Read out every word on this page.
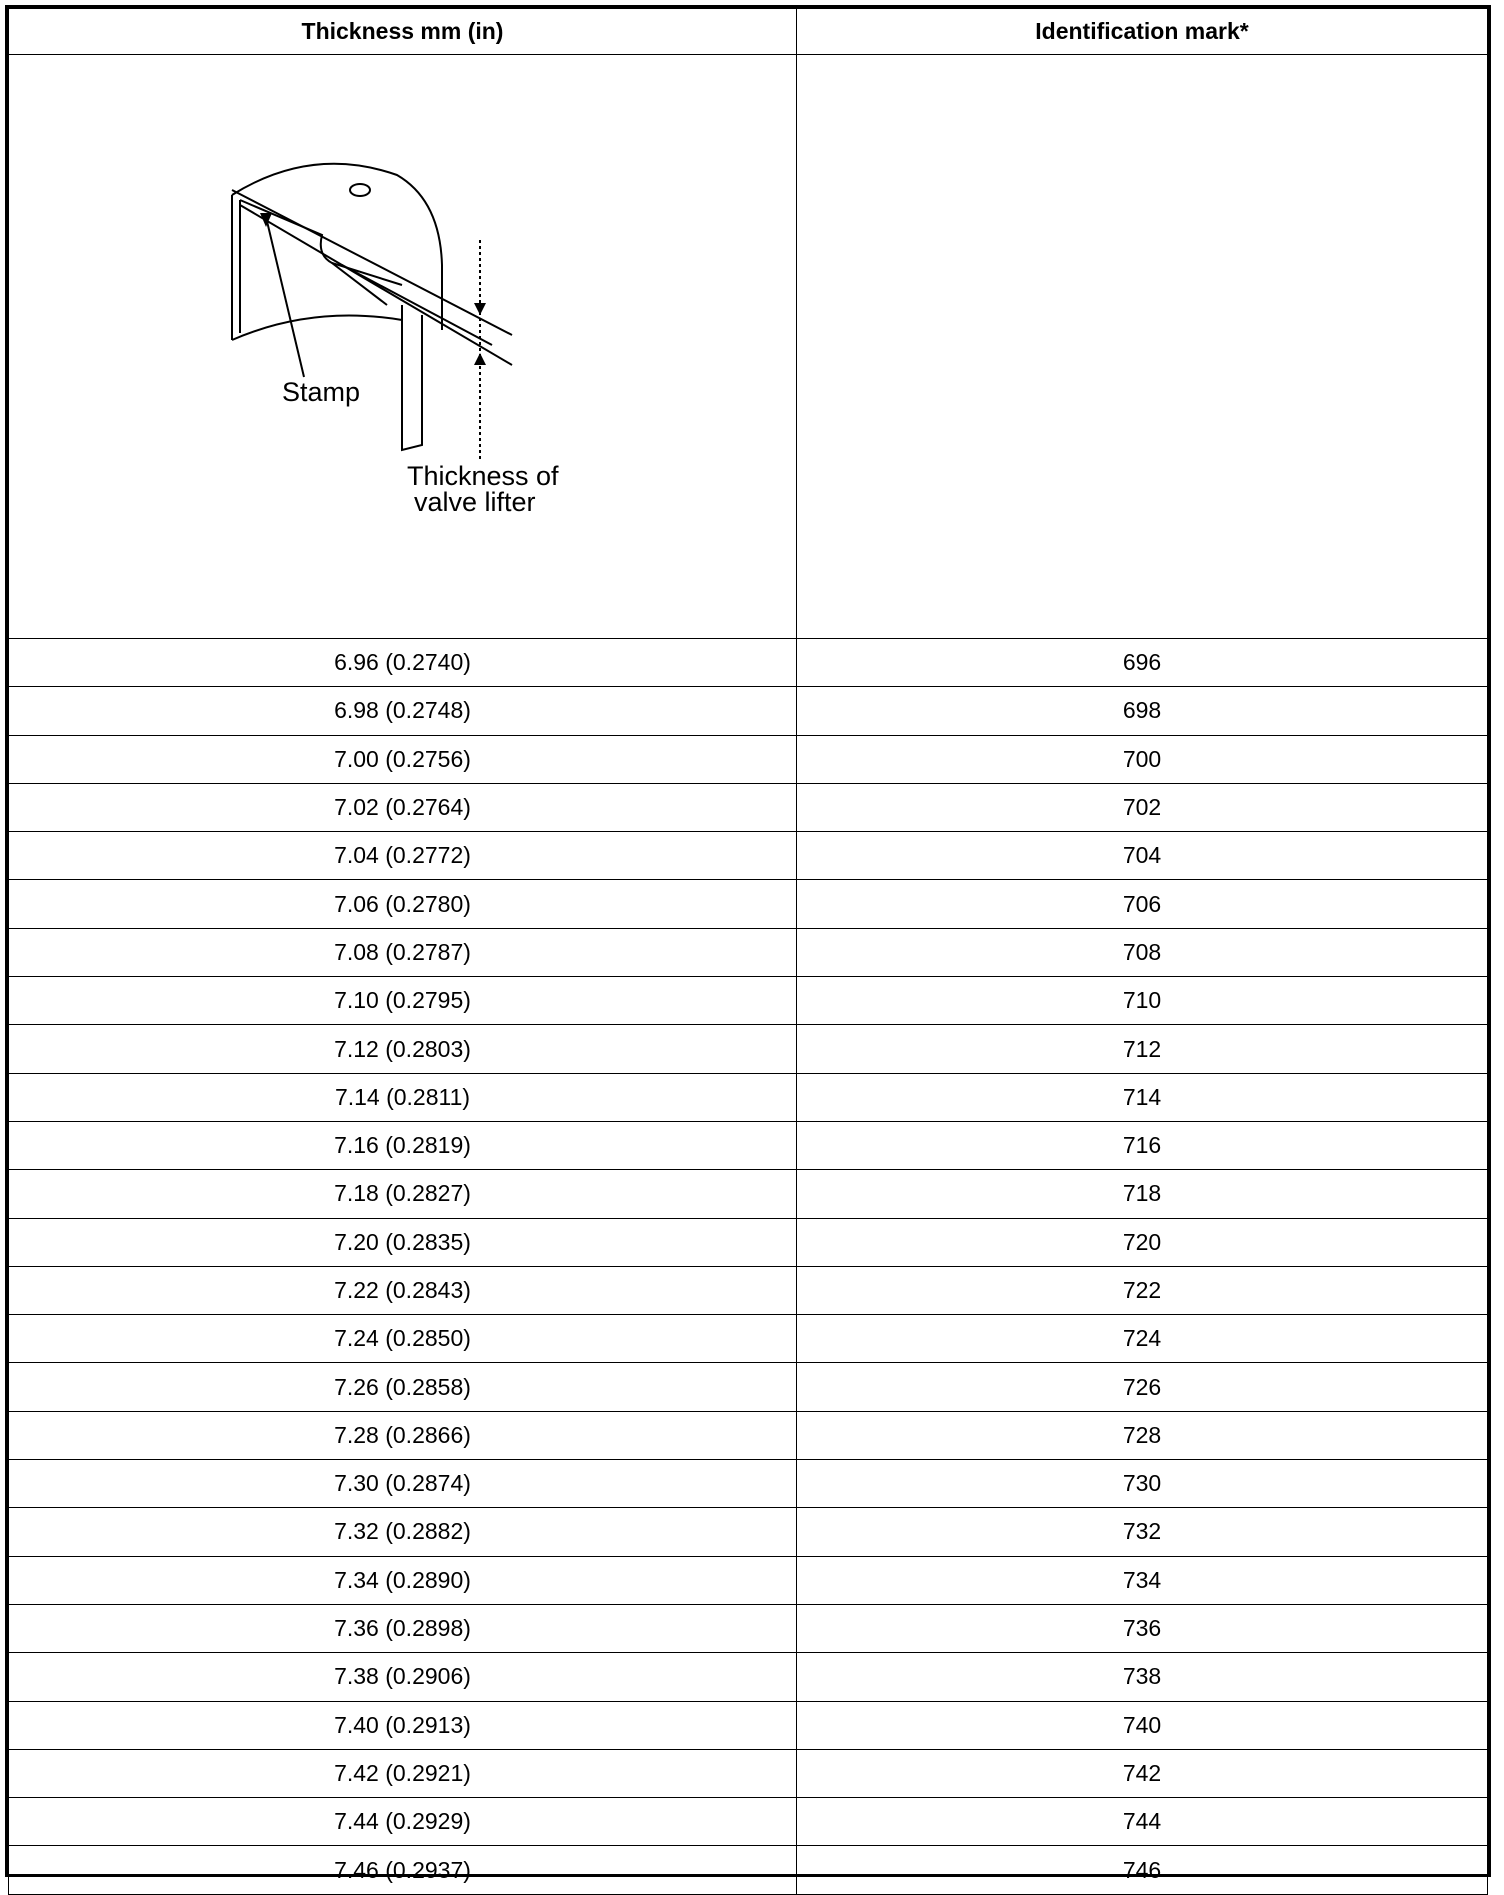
Thickness mm (in)	Identification mark*

6.96 (0.2740)	696
6.98 (0.2748)	698
7.00 (0.2756)	700
7.02 (0.2764)	702
7.04 (0.2772)	704
7.06 (0.2780)	706
7.08 (0.2787)	708
7.10 (0.2795)	710
7.12 (0.2803)	712
7.14 (0.2811)	714
7.16 (0.2819)	716
7.18 (0.2827)	718
7.20 (0.2835)	720
7.22 (0.2843)	722
7.24 (0.2850)	724
7.26 (0.2858)	726
7.28 (0.2866)	728
7.30 (0.2874)	730
7.32 (0.2882)	732
7.34 (0.2890)	734
7.36 (0.2898)	736
7.38 (0.2906)	738
7.40 (0.2913)	740
7.42 (0.2921)	742
7.44 (0.2929)	744
7.46 (0.2937)	746
Stamp
Thickness of
valve lifter
